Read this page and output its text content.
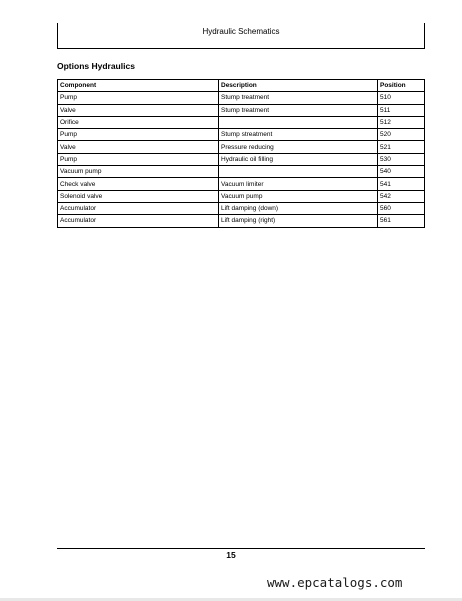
Hydraulic Schematics
Options Hydraulics
Component	Description	Position
Pump	Stump treatment	510
Valve	Stump treatment	511
Orifice		512
Pump	Stump streatment	520
Valve	Pressure reducing	521
Pump	Hydraulic oil filling	530
Vacuum pump		540
Check valve	Vacuum limiter	541
Solenoid valve	Vacuum pump	542
Accumulator	Lift damping (down)	560
Accumulator	Lift damping (right)	561
15
www.epcatalogs.com
